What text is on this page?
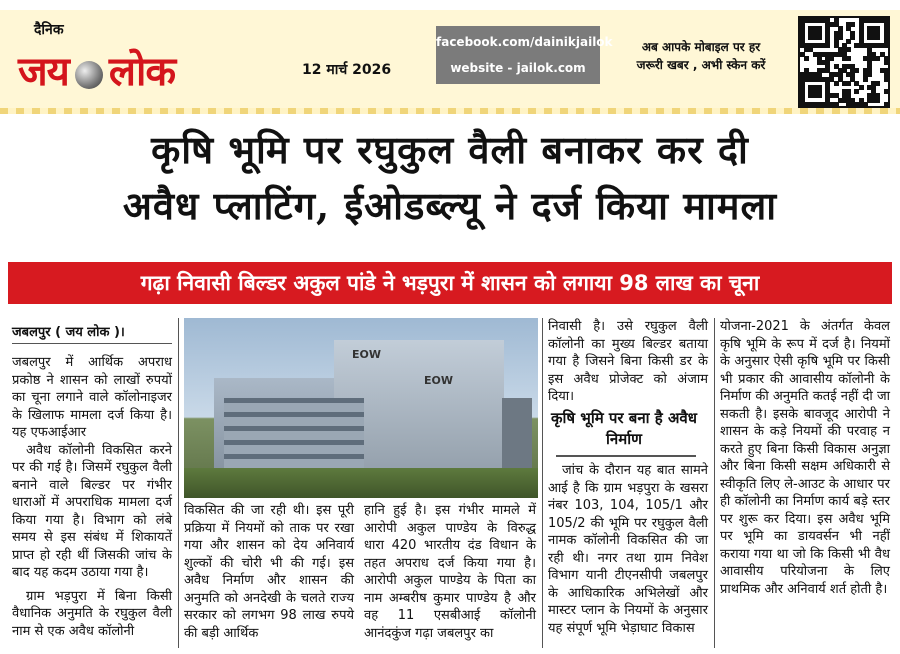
दैनिक
जय लोक	12 मार्च 2026
facebook.com/dainikjailok
website - jailok.com
अब आपके मोबाइल पर हर
जरूरी खबर , अभी स्केन करें
कृषि भूमि पर रघुकुल वैली बनाकर कर दी
अवैध प्लाटिंग, ईओडब्ल्यू ने दर्ज किया मामला
गढ़ा निवासी बिल्डर अकुल पांडे ने भड़पुरा में शासन को लगाया 98 लाख का चूना
जबलपुर ( जय लोक )।

जबलपुर में आर्थिक अपराध प्रकोष्ठ ने शासन को लाखों रुपयों का चूना लगाने वाले कॉलोनाइजर के खिलाफ मामला दर्ज किया है। यह एफआईआर

अवैध कॉलोनी विकसित करने पर की गई है। जिसमें रघुकुल वैली बनाने वाले बिल्डर पर गंभीर धाराओं में अपराधिक मामला दर्ज किया गया है। विभाग को लंबे समय से इस संबंध में शिकायतें प्राप्त हो रही थीं जिसकी जांच के बाद यह कदम उठाया गया है।

ग्राम भड़पुरा में बिना किसी वैधानिक अनुमति के रघुकुल वैली नाम से एक अवैध कॉलोनी

EOW
EOW

विकसित की जा रही थी। इस पूरी प्रक्रिया में नियमों को ताक पर रखा गया और शासन को देय अनिवार्य शुल्कों की चोरी भी की गई। इस अवैध निर्माण और शासन की अनुमति को अनदेखी के चलते राज्य सरकार को लगभग 98 लाख रुपये की बड़ी आर्थिक

हानि हुई है। इस गंभीर मामले में आरोपी अकुल पाण्डेय के विरुद्ध धारा 420 भारतीय दंड विधान के तहत अपराध दर्ज किया गया है। आरोपी अकुल पाण्डेय के पिता का नाम अम्बरीष कुमार पाण्डेय है और वह 11 एसबीआई कॉलोनी आनंदकुंज गढ़ा जबलपुर का

निवासी है। उसे रघुकुल वैली कॉलोनी का मुख्य बिल्डर बताया गया है जिसने बिना किसी डर के इस अवैध प्रोजेक्ट को अंजाम दिया।

कृषि भूमि पर बना है अवैध निर्माण

जांच के दौरान यह बात सामने आई है कि ग्राम भड़पुरा के खसरा नंबर 103, 104, 105/1 और 105/2 की भूमि पर रघुकुल वैली नामक कॉलोनी विकसित की जा रही थी। नगर तथा ग्राम निवेश विभाग यानी टीएनसीपी जबलपुर के आधिकारिक अभिलेखों और मास्टर प्लान के नियमों के अनुसार यह संपूर्ण भूमि भेड़ाघाट विकास

योजना-2021 के अंतर्गत केवल कृषि भूमि के रूप में दर्ज है। नियमों के अनुसार ऐसी कृषि भूमि पर किसी भी प्रकार की आवासीय कॉलोनी के निर्माण की अनुमति कतई नहीं दी जा सकती है। इसके बावजूद आरोपी ने शासन के कड़े नियमों की परवाह न करते हुए बिना किसी विकास अनुज्ञा और बिना किसी सक्षम अधिकारी से स्वीकृति लिए ले-आउट के आधार पर ही कॉलोनी का निर्माण कार्य बड़े स्तर पर शुरू कर दिया। इस अवैध भूमि पर भूमि का डायवर्सन भी नहीं कराया गया था जो कि किसी भी वैध आवासीय परियोजना के लिए प्राथमिक और अनिवार्य शर्त होती है।
